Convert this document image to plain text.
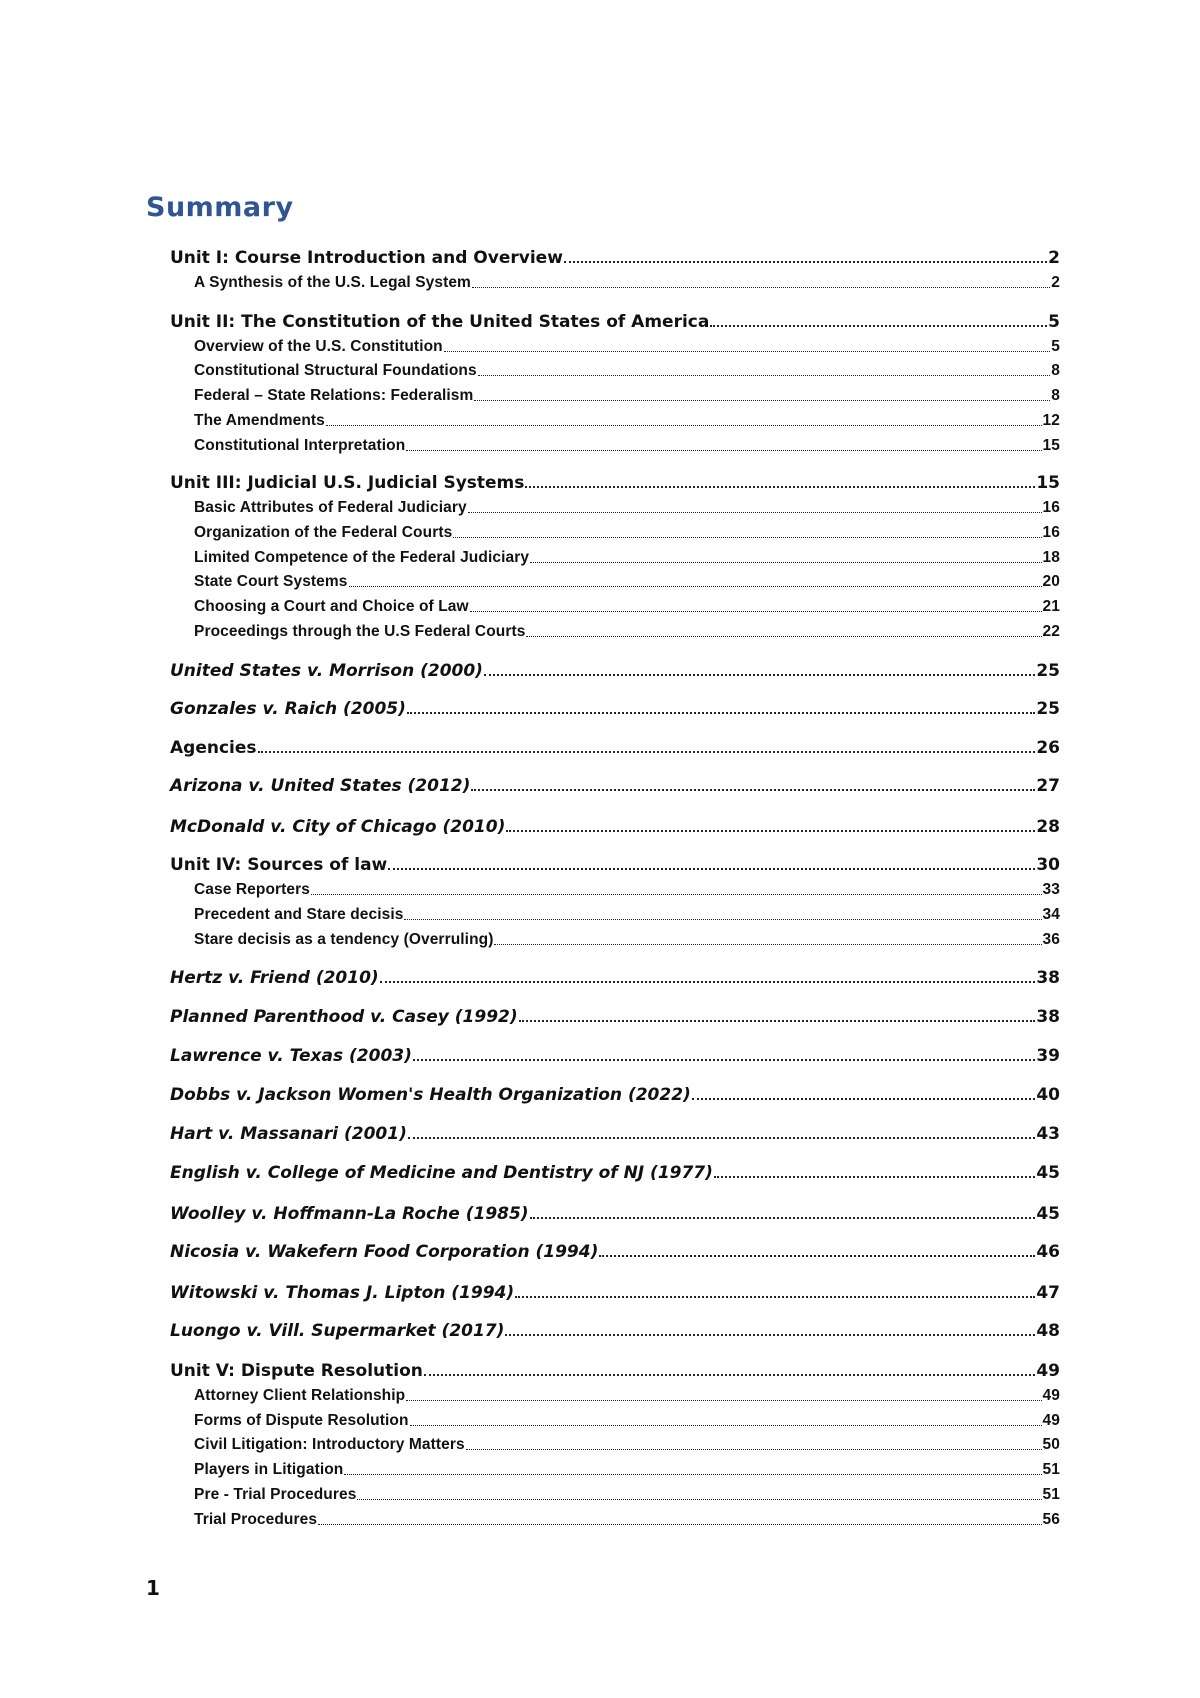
Summary
Unit I: Course Introduction and Overview	2
A Synthesis of the U.S. Legal System	2
Unit II: The Constitution of the United States of America	5
Overview of the U.S. Constitution	5
Constitutional Structural Foundations	8
Federal – State Relations: Federalism	8
The Amendments	12
Constitutional Interpretation	15
Unit III: Judicial U.S. Judicial Systems	15
Basic Attributes of Federal Judiciary	16
Organization of the Federal Courts	16
Limited Competence of the Federal Judiciary	18
State Court Systems	20
Choosing a Court and Choice of Law	21
Proceedings through the U.S Federal Courts	22
United States v. Morrison (2000)	25
Gonzales v. Raich (2005)	25
Agencies	26
Arizona v. United States (2012)	27
McDonald v. City of Chicago (2010)	28
Unit IV: Sources of law	30
Case Reporters	33
Precedent and Stare decisis	34
Stare decisis as a tendency (Overruling)	36
Hertz v. Friend (2010)	38
Planned Parenthood v. Casey (1992)	38
Lawrence v. Texas (2003)	39
Dobbs v. Jackson Women's Health Organization (2022)	40
Hart v. Massanari (2001)	43
English v. College of Medicine and Dentistry of NJ (1977)	45
Woolley v. Hoffmann-La Roche (1985)	45
Nicosia v. Wakefern Food Corporation (1994)	46
Witowski v. Thomas J. Lipton (1994)	47
Luongo v. Vill. Supermarket (2017)	48
Unit V: Dispute Resolution	49
Attorney Client Relationship	49
Forms of Dispute Resolution	49
Civil Litigation: Introductory Matters	50
Players in Litigation	51
Pre - Trial Procedures	51
Trial Procedures	56
1
